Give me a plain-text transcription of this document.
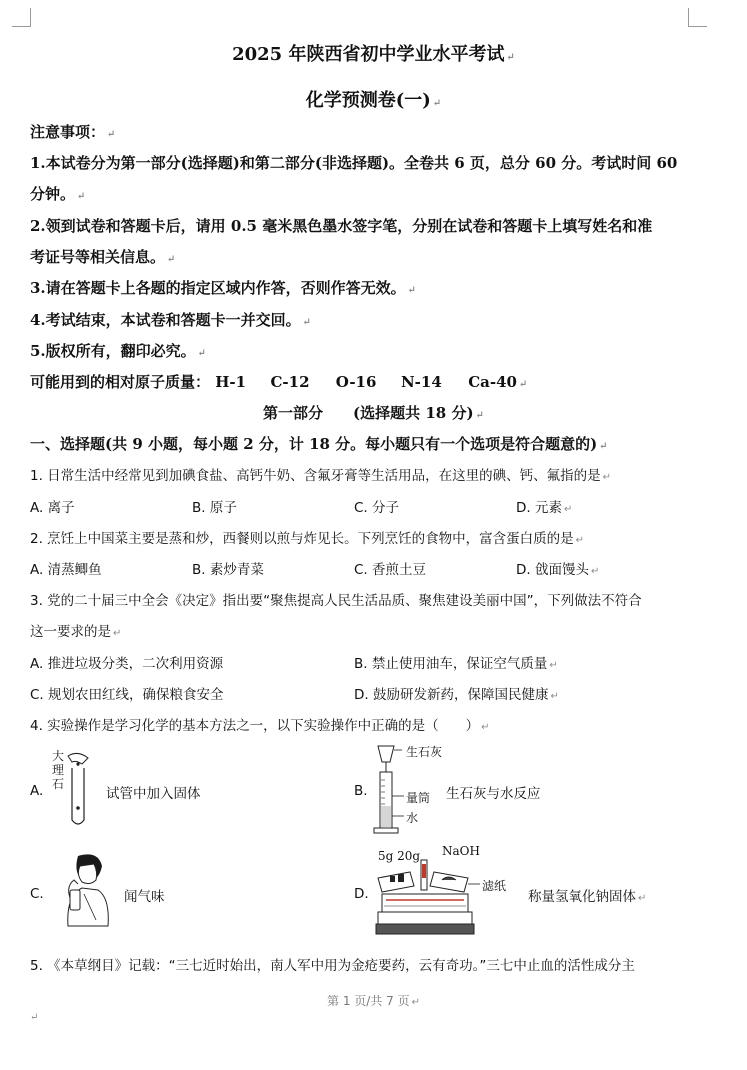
2025 年陕西省初中学业水平考试 ↵
化学预测卷(一) ↵
注意事项： ↵
1.本试卷分为第一部分(选择题)和第二部分(非选择题)。全卷共 6 页，总分 60 分。考试时间 60
分钟。 ↵
2.领到试卷和答题卡后，请用 0.5 毫米黑色墨水签字笔，分别在试卷和答题卡上填写姓名和准
考证号等相关信息。 ↵
3.请在答题卡上各题的指定区域内作答，否则作答无效。 ↵
4.考试结束，本试卷和答题卡一并交回。 ↵
5.版权所有，翻印必究。 ↵
可能用到的相对原子质量： H-1 C-12 O-16 N-14 Ca-40 ↵
第一部分   (选择题共 18 分) ↵
一、选择题(共 9 小题，每小题 2 分，计 18 分。每小题只有一个选项是符合题意的) ↵
1. 日常生活中经常见到加碘食盐、高钙牛奶、含氟牙膏等生活用品，在这里的碘、钙、氟指的是 ↵
A. 离子	B. 原子	C. 分子	D. 元素 ↵
2. 烹饪上中国菜主要是蒸和炒，西餐则以煎与炸见长。下列烹饪的食物中，富含蛋白质的是 ↵
A. 清蒸鲫鱼	B. 素炒青菜	C. 香煎土豆	D. 戗面馒头 ↵
3. 党的二十届三中全会《决定》指出要“聚焦提高人民生活品质、聚焦建设美丽中国”，下列做法不符合
这一要求的是 ↵
A. 推进垃圾分类，二次利用资源	B. 禁止使用油车，保证空气质量 ↵
C. 规划农田红线，确保粮食安全	D. 鼓励研发新药，保障国民健康 ↵
4. 实验操作是学习化学的基本方法之一，以下实验操作中正确的是（　　） ↵
A.
大
理
石
试管中加入固体	B.
生石灰
量筒
水
生石灰与水反应
C.	闻气味	D.
5g 20g NaOH
滤纸
称量氢氧化钠固体 ↵
5. 《本草纲目》记载：“三七近时始出，南人军中用为金疮要药，云有奇功。”三七中止血的活性成分主
第 1 页/共 7 页 ↵
↵
